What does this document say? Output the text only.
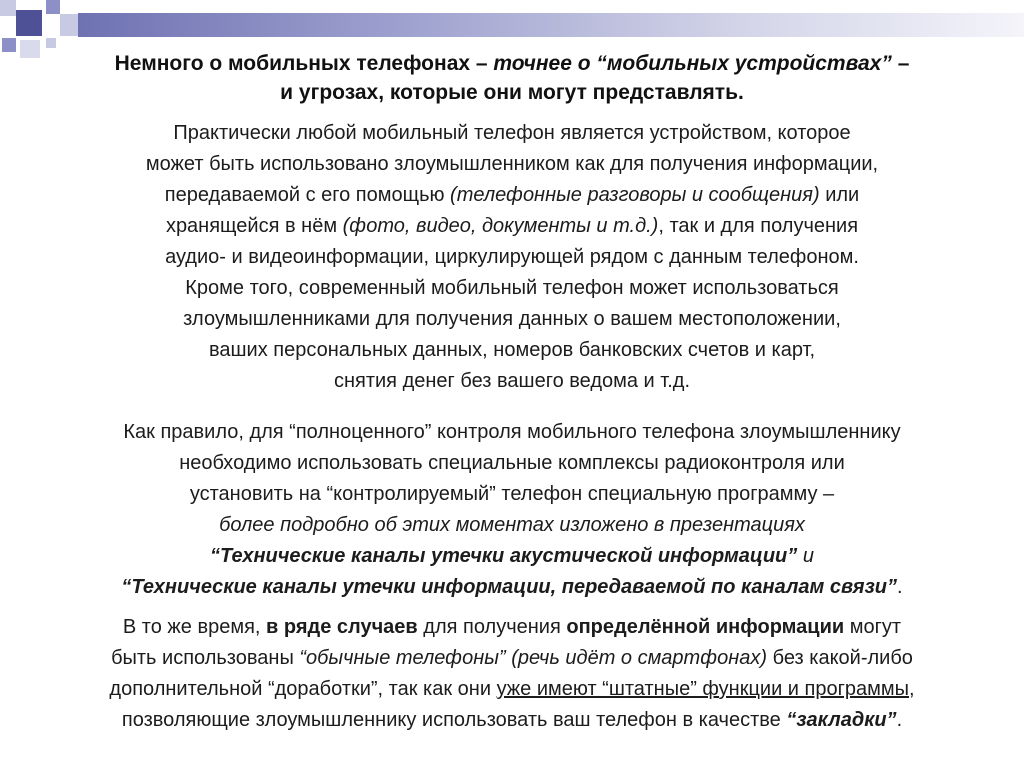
Немного о мобильных телефонах – точнее о “мобильных устройствах” –
и угрозах, которые они могут представлять.
Практически любой мобильный телефон является устройством, которое
может быть использовано злоумышленником как для получения информации,
передаваемой с его помощью (телефонные разговоры и сообщения) или
хранящейся в нём (фото, видео, документы и т.д.), так и для получения
аудио- и видеоинформации, циркулирующей рядом с данным телефоном.
Кроме того, современный мобильный телефон может использоваться
злоумышленниками для получения данных о вашем местоположении,
ваших персональных данных, номеров банковских счетов и карт,
снятия денег без вашего ведома и т.д.
Как правило, для “полноценного” контроля мобильного телефона злоумышленнику
необходимо использовать специальные комплексы радиоконтроля или
установить на “контролируемый” телефон специальную программу –
более подробно об этих моментах изложено в презентациях
“Технические каналы утечки акустической информации” и
“Технические каналы утечки информации, передаваемой по каналам связи”.
В то же время, в ряде случаев для получения определённой информации могут
быть использованы “обычные телефоны” (речь идёт о смартфонах) без какой-либо
дополнительной “доработки”, так как они уже имеют “штатные” функции и программы,
позволяющие злоумышленнику использовать ваш телефон в качестве “закладки”.
